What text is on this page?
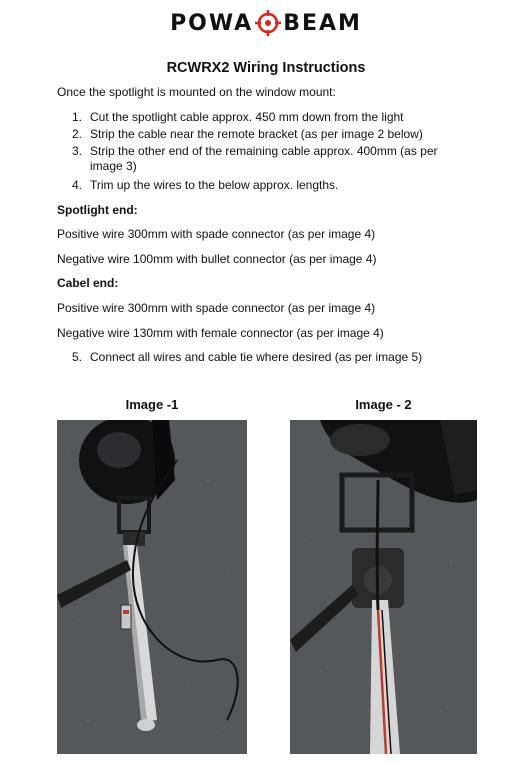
POWA BEAM
RCWRX2 Wiring Instructions
Once the spotlight is mounted on the window mount:
1. Cut the spotlight cable approx. 450 mm down from the light
2. Strip the cable near the remote bracket (as per image 2 below)
3. Strip the other end of the remaining cable approx. 400mm (as per image 3)
4. Trim up the wires to the below approx. lengths.
Spotlight end:
Positive wire 300mm with spade connector (as per image 4)
Negative wire 100mm with bullet connector (as per image 4)
Cabel end:
Positive wire 300mm with spade connector (as per image 4)
Negative wire 130mm with female connector (as per image 4)
5. Connect all wires and cable tie where desired (as per image 5)
Image -1	Image - 2
